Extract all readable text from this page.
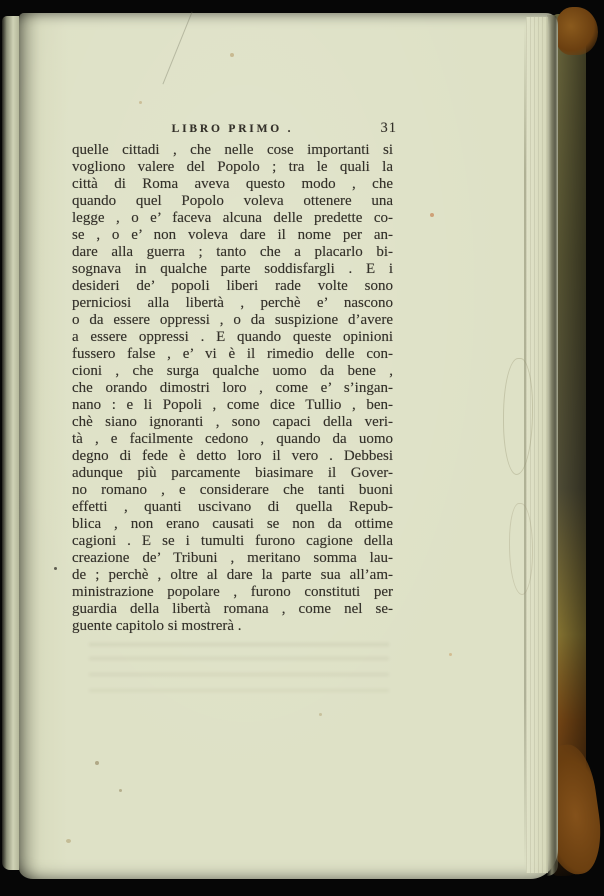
LIBRO PRIMO .	31
quelle cittadi , che nelle cose importanti si
vogliono valere del Popolo ; tra le quali la
città di Roma aveva questo modo , che
quando quel Popolo voleva ottenere una
legge , o e’ faceva alcuna delle predette co-
se , o e’ non voleva dare il nome per an-
dare alla guerra ; tanto che a placarlo bi-
sognava in qualche parte soddisfargli . E i
desideri de’ popoli liberi rade volte sono
perniciosi alla libertà , perchè e’ nascono
o da essere oppressi , o da suspizione d’avere
a essere oppressi . E quando queste opinioni
fussero false , e’ vi è il rimedio delle con-
cioni , che surga qualche uomo da bene ,
che orando dimostri loro , come e’ s’ingan-
nano : e li Popoli , come dice Tullio , ben-
chè siano ignoranti , sono capaci della veri-
tà , e facilmente cedono , quando da uomo
degno di fede è detto loro il vero . Debbesi
adunque più parcamente biasimare il Gover-
no romano , e considerare che tanti buoni
effetti , quanti uscivano di quella Repub-
blica , non erano causati se non da ottime
cagioni . E se i tumulti furono cagione della
creazione de’ Tribuni , meritano somma lau-
de ; perchè , oltre al dare la parte sua all’am-
ministrazione popolare , furono constituti per
guardia della libertà romana , come nel se-
guente capitolo si mostrerà .
